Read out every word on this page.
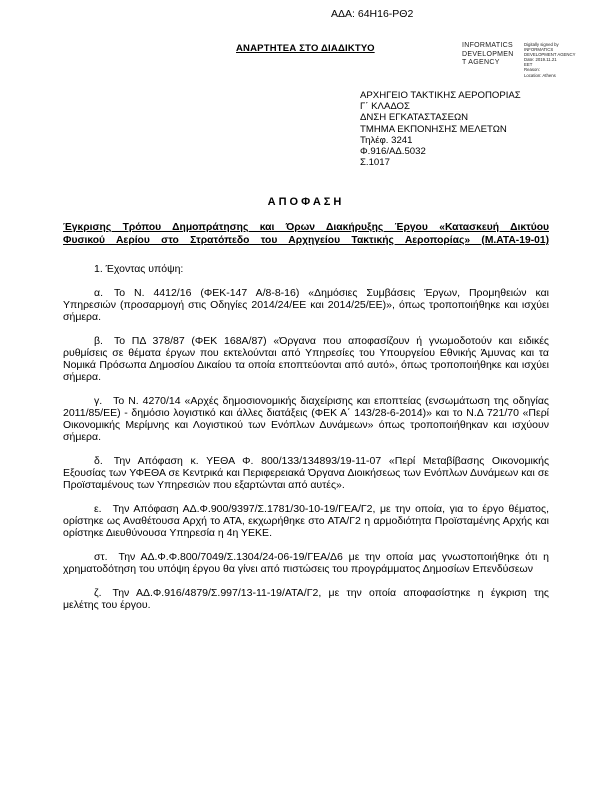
ΑΔΑ: 64Η16-ΡΘ2
ΑΝΑΡΤΗΤΕΑ ΣΤΟ ΔΙΑΔΙΚΤΥΟ	INFORMATICS
DEVELOPMEN
T AGENCY
Digitally signed by
INFORMATICS
DEVELOPMENT AGENCY
Date: 2019.11.21
EET
Reason:
Location: Athens
ΑΡΧΗΓΕΙΟ ΤΑΚΤΙΚΗΣ ΑΕΡΟΠΟΡΙΑΣ
Γ΄ ΚΛΑΔΟΣ
ΔΝΣΗ ΕΓΚΑΤΑΣΤΑΣΕΩΝ
ΤΜΗΜΑ ΕΚΠΟΝΗΣΗΣ ΜΕΛΕΤΩΝ
Τηλέφ. 3241
Φ.916/ΑΔ.5032
Σ.1017
ΑΠΟΦΑΣΗ
Έγκρισης Τρόπου Δημοπράτησης και Όρων Διακήρυξης Έργου «Κατασκευή Δικτύου
Φυσικού Αερίου στο Στρατόπεδο του Αρχηγείου Τακτικής Αεροπορίας» (Μ.ΑΤΑ-19-01)
1. Έχοντας υπόψη:

α. Το Ν. 4412/16 (ΦΕΚ-147 Α/8-8-16) «Δημόσιες Συμβάσεις Έργων, Προμηθειών και Υπηρεσιών (προσαρμογή στις Οδηγίες 2014/24/ΕΕ και 2014/25/ΕΕ)», όπως τροποποιήθηκε και ισχύει σήμερα.

β. Το ΠΔ 378/87 (ΦΕΚ 168Α/87) «Όργανα που αποφασίζουν ή γνωμοδοτούν και ειδικές ρυθμίσεις σε θέματα έργων που εκτελούνται από Υπηρεσίες του Υπουργείου Εθνικής Άμυνας και τα Νομικά Πρόσωπα Δημοσίου Δικαίου τα οποία εποπτεύονται από αυτό», όπως τροποποιήθηκε και ισχύει σήμερα.

γ. Το Ν. 4270/14 «Αρχές δημοσιονομικής διαχείρισης και εποπτείας (ενσωμάτωση της οδηγίας 2011/85/ΕΕ) - δημόσιο λογιστικό και άλλες διατάξεις (ΦΕΚ Α΄ 143/28-6-2014)» και το Ν.Δ 721/70 «Περί Οικονομικής Μερίμνης και Λογιστικού των Ενόπλων Δυνάμεων» όπως τροποποιήθηκαν και ισχύουν σήμερα.

δ. Την Απόφαση κ. ΥΕΘΑ Φ. 800/133/134893/19-11-07 «Περί Μεταβίβασης Οικονομικής Εξουσίας των ΥΦΕΘΑ σε Κεντρικά και Περιφερειακά Όργανα Διοικήσεως των Ενόπλων Δυνάμεων και σε Προϊσταμένους των Υπηρεσιών που εξαρτώνται από αυτές».

ε. Την Απόφαση ΑΔ.Φ.900/9397/Σ.1781/30-10-19/ΓΕΑ/Γ2, με την οποία, για το έργο θέματος, ορίστηκε ως Αναθέτουσα Αρχή το ΑΤΑ, εκχωρήθηκε στο ΑΤΑ/Γ2 η αρμοδιότητα Προϊσταμένης Αρχής και ορίστηκε Διευθύνουσα Υπηρεσία η 4η ΥΕΚΕ.

στ. Την ΑΔ.Φ.Φ.800/7049/Σ.1304/24-06-19/ΓΕΑ/Δ6 με την οποία μας γνωστοποιήθηκε ότι η χρηματοδότηση του υπόψη έργου θα γίνει από πιστώσεις του προγράμματος Δημοσίων Επενδύσεων

ζ. Την ΑΔ.Φ.916/4879/Σ.997/13-11-19/ΑΤΑ/Γ2, με την οποία αποφασίστηκε η έγκριση της μελέτης του έργου.
